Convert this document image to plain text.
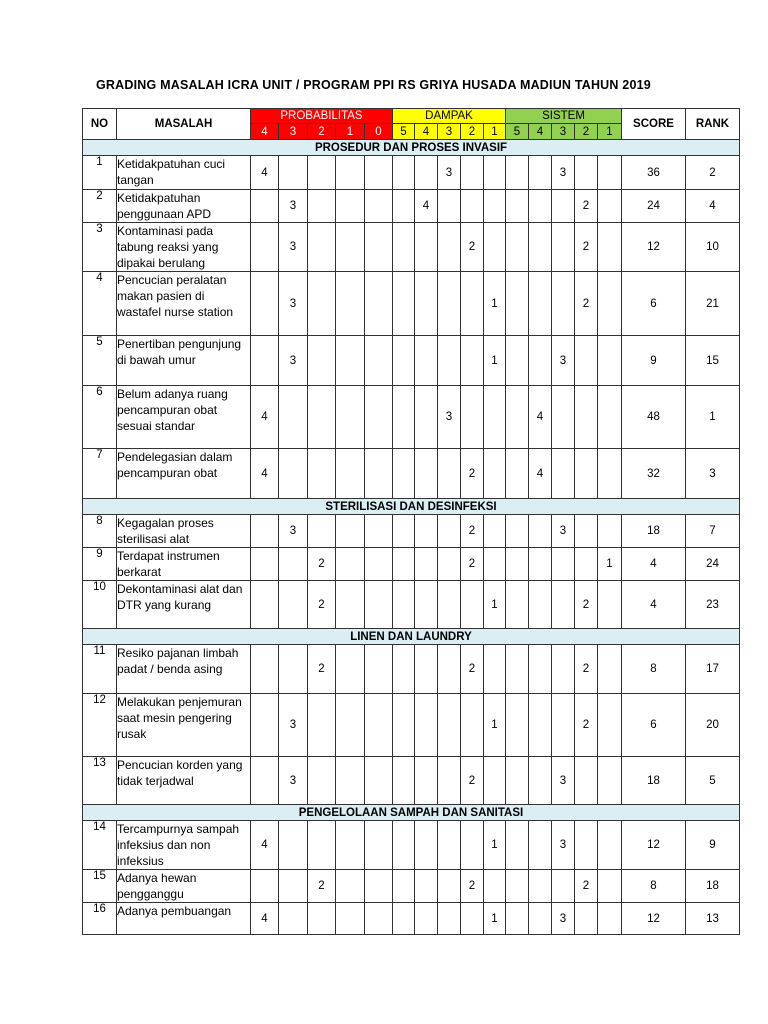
GRADING MASALAH ICRA UNIT / PROGRAM PPI RS GRIYA HUSADA MADIUN TAHUN 2019
NO	MASALAH	PROBABILITAS					DAMPAK					SISTEM					SCORE	RANK
		4	3	2	1	0	5	4	3	2	1	5	4	3	2	1		
PROSEDUR DAN PROSES INVASIF																		
1	Ketidakpatuhan cuci tangan	4							3					3			36	2
2	Ketidakpatuhan penggunaan APD		3					4							2		24	4
3	Kontaminasi pada tabung reaksi yang dipakai berulang		3							2					2		12	10
4	Pencucian peralatan makan pasien di wastafel nurse station		3								1				2		6	21
5	Penertiban pengunjung di bawah umur		3								1			3			9	15
6	Belum adanya ruang pencampuran obat sesuai standar	4							3				4				48	1
7	Pendelegasian dalam pencampuran obat	4								2			4				32	3
STERILISASI DAN DESINFEKSI																		
8	Kegagalan proses sterilisasi alat		3							2				3			18	7
9	Terdapat instrumen berkarat			2						2						1	4	24
10	Dekontaminasi alat dan DTR yang kurang			2							1				2		4	23
LINEN DAN LAUNDRY																		
11	Resiko pajanan limbah padat / benda asing			2						2					2		8	17
12	Melakukan penjemuran saat mesin pengering rusak		3								1				2		6	20
13	Pencucian korden yang tidak terjadwal		3							2				3			18	5
PENGELOLAAN SAMPAH DAN SANITASI																		
14	Tercampurnya sampah infeksius dan non infeksius	4									1			3			12	9
15	Adanya hewan pengganggu			2						2					2		8	18
16	Adanya pembuangan	4									1			3			12	13
